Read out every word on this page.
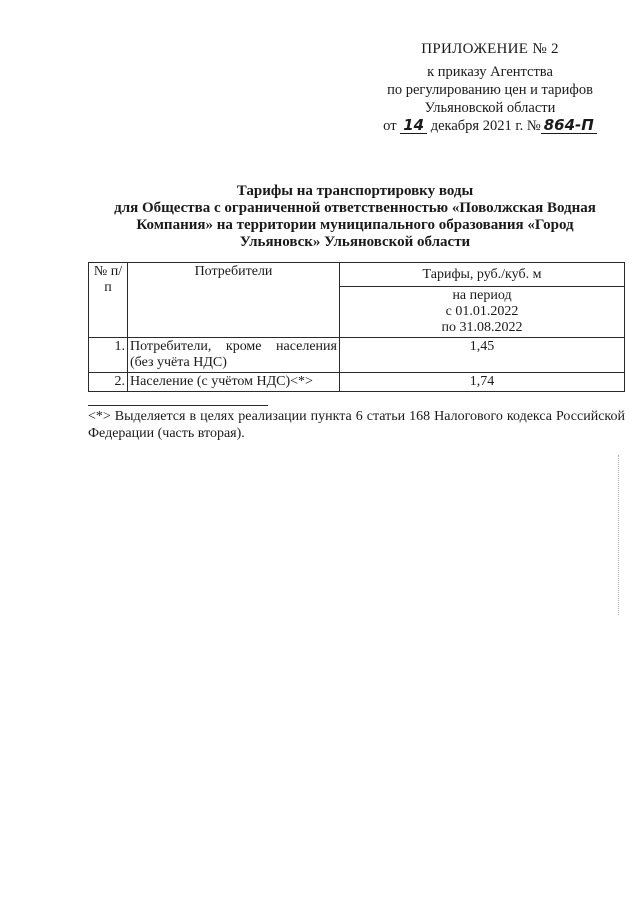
ПРИЛОЖЕНИЕ № 2
к приказу Агентства
по регулированию цен и тарифов
Ульяновской области
от 14 декабря 2021 г. № 864-П
Тарифы на транспортировку воды
для Общества с ограниченной ответственностью «Поволжская Водная
Компания» на территории муниципального образования «Город
Ульяновск» Ульяновской области
№ п/п	Потребители	Тарифы, руб./куб. м

		на период
с 01.01.2022
по 31.08.2022

1.	Потребители, кроме населения (без учёта НДС)	1,45
2.	Население (с учётом НДС)<*>	1,74
<*> Выделяется в целях реализации пункта 6 статьи 168 Налогового кодекса Российской Федерации (часть вторая).
